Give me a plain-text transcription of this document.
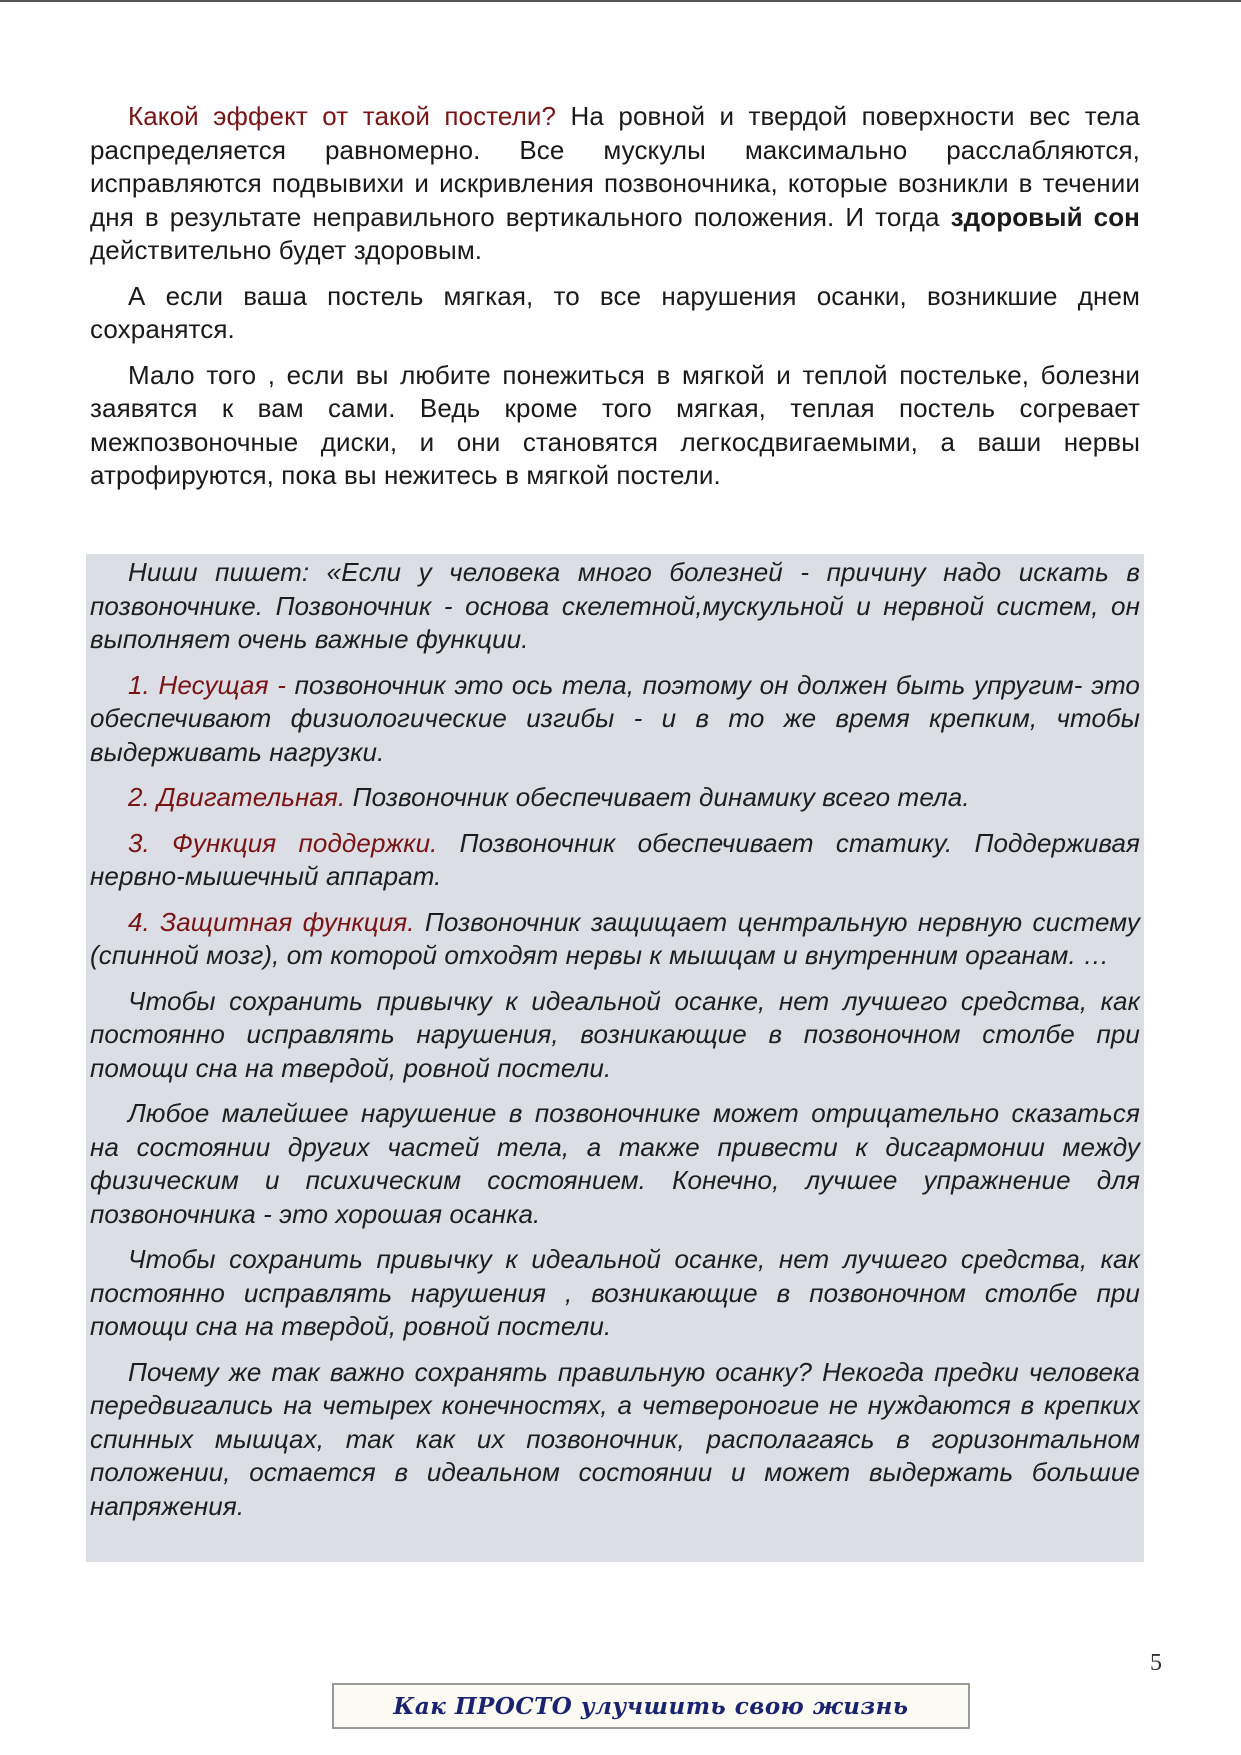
Какой эффект от такой постели? На ровной и твердой поверхности вес тела распределяется равномерно. Все мускулы максимально расслабляются, исправляются подвывихи и искривления позвоночника, которые возникли в течении дня в результате неправильного вертикального положения. И тогда здоровый сон действительно будет здоровым.

А если ваша постель мягкая, то все нарушения осанки, возникшие днем сохранятся.

Мало того , если вы любите понежиться в мягкой и теплой постельке, болезни заявятся к вам сами. Ведь кроме того мягкая, теплая постель согревает межпозвоночные диски, и они становятся легкосдвигаемыми, а ваши нервы атрофируются, пока вы нежитесь в мягкой постели.

Ниши пишет: «Если у человека много болезней - причину надо искать в позвоночнике. Позвоночник - основа скелетной,мускульной и нервной систем, он выполняет очень важные функции.

1. Несущая - позвоночник это ось тела, поэтому он должен быть упругим- это обеспечивают физиологические изгибы - и в то же время крепким, чтобы выдерживать нагрузки.

2. Двигательная. Позвоночник обеспечивает динамику всего тела.

3. Функция поддержки. Позвоночник обеспечивает статику. Поддерживая нервно-мышечный аппарат.

4. Защитная функция. Позвоночник защищает центральную нервную систему (спинной мозг), от которой отходят нервы к мышцам и внутренним органам. …

Чтобы сохранить привычку к идеальной осанке, нет лучшего средства, как постоянно исправлять нарушения, возникающие в позвоночном столбе при помощи сна на твердой, ровной постели.

Любое малейшее нарушение в позвоночнике может отрицательно сказаться на состоянии других частей тела, а также привести к дисгармонии между физическим и психическим состоянием. Конечно, лучшее упражнение для позвоночника - это хорошая осанка.

Чтобы сохранить привычку к идеальной осанке, нет лучшего средства, как постоянно исправлять нарушения , возникающие в позвоночном столбе при помощи сна на твердой, ровной постели.

Почему же так важно сохранять правильную осанку? Некогда предки человека передвигались на четырех конечностях, а четвероногие не нуждаются в крепких спинных мышцах, так как их позвоночник, располагаясь в горизонтальном положении, остается в идеальном состоянии и может выдержать большие напряжения.

5
Как ПРОСТО улучшить свою жизнь
